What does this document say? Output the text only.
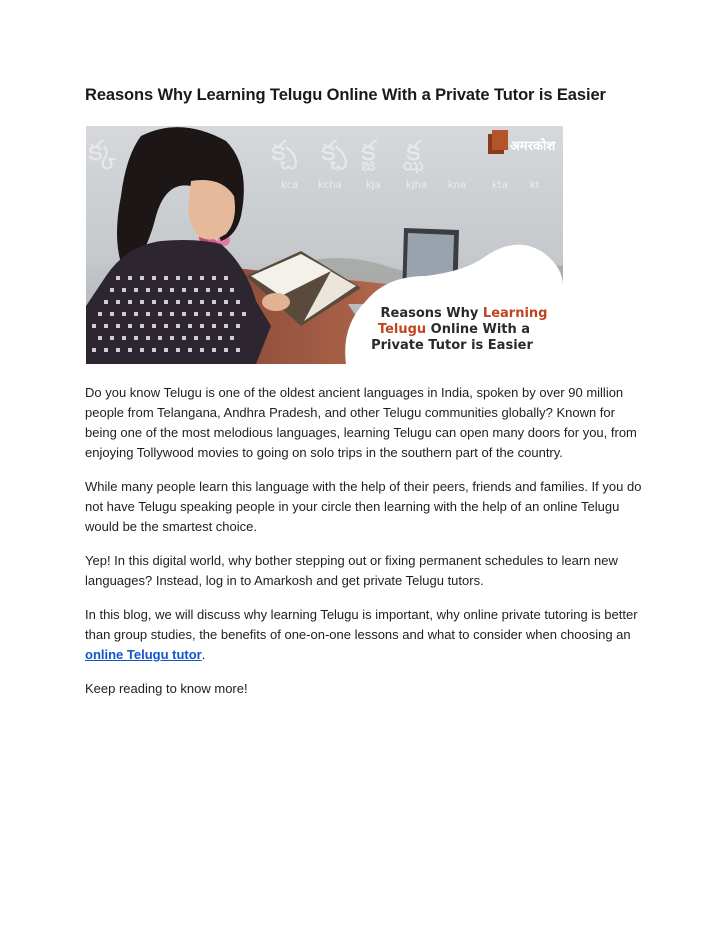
Reasons Why Learning Telugu Online With a Private Tutor is Easier
క్క	క్చ క్ఛ క్జ క్ఝ
kca kcha kja	kjha kna	kta kt
अमरकोश
Reasons Why Learning
Telugu Online With a
Private Tutor is Easier

Do you know Telugu is one of the oldest ancient languages in India, spoken by over 90 million people from Telangana, Andhra Pradesh, and other Telugu communities globally? Known for being one of the most melodious languages, learning Telugu can open many doors for you, from enjoying Tollywood movies to going on solo trips in the southern part of the country.

While many people learn this language with the help of their peers, friends and families. If you do not have Telugu speaking people in your circle then learning with the help of an online Telugu would be the smartest choice.

Yep! In this digital world, why bother stepping out or fixing permanent schedules to learn new languages? Instead, log in to Amarkosh and get private Telugu tutors.

In this blog, we will discuss why learning Telugu is important, why online private tutoring is better than group studies, the benefits of one-on-one lessons and what to consider when choosing an online Telugu tutor.

Keep reading to know more!
